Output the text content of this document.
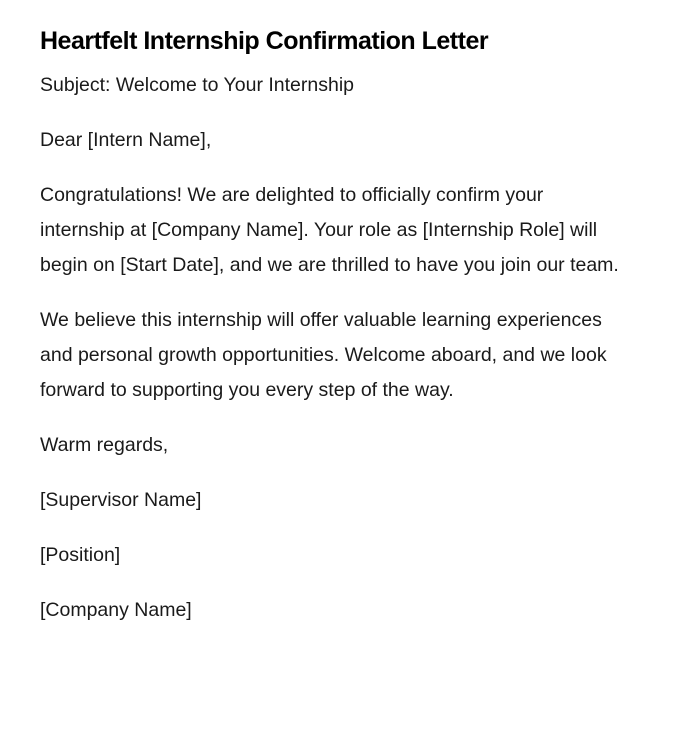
Heartfelt Internship Confirmation Letter

Subject: Welcome to Your Internship

Dear [Intern Name],

Congratulations! We are delighted to officially confirm your internship at [Company Name]. Your role as [Internship Role] will begin on [Start Date], and we are thrilled to have you join our team.

We believe this internship will offer valuable learning experiences and personal growth opportunities. Welcome aboard, and we look forward to supporting you every step of the way.

Warm regards,

[Supervisor Name]

[Position]

[Company Name]
